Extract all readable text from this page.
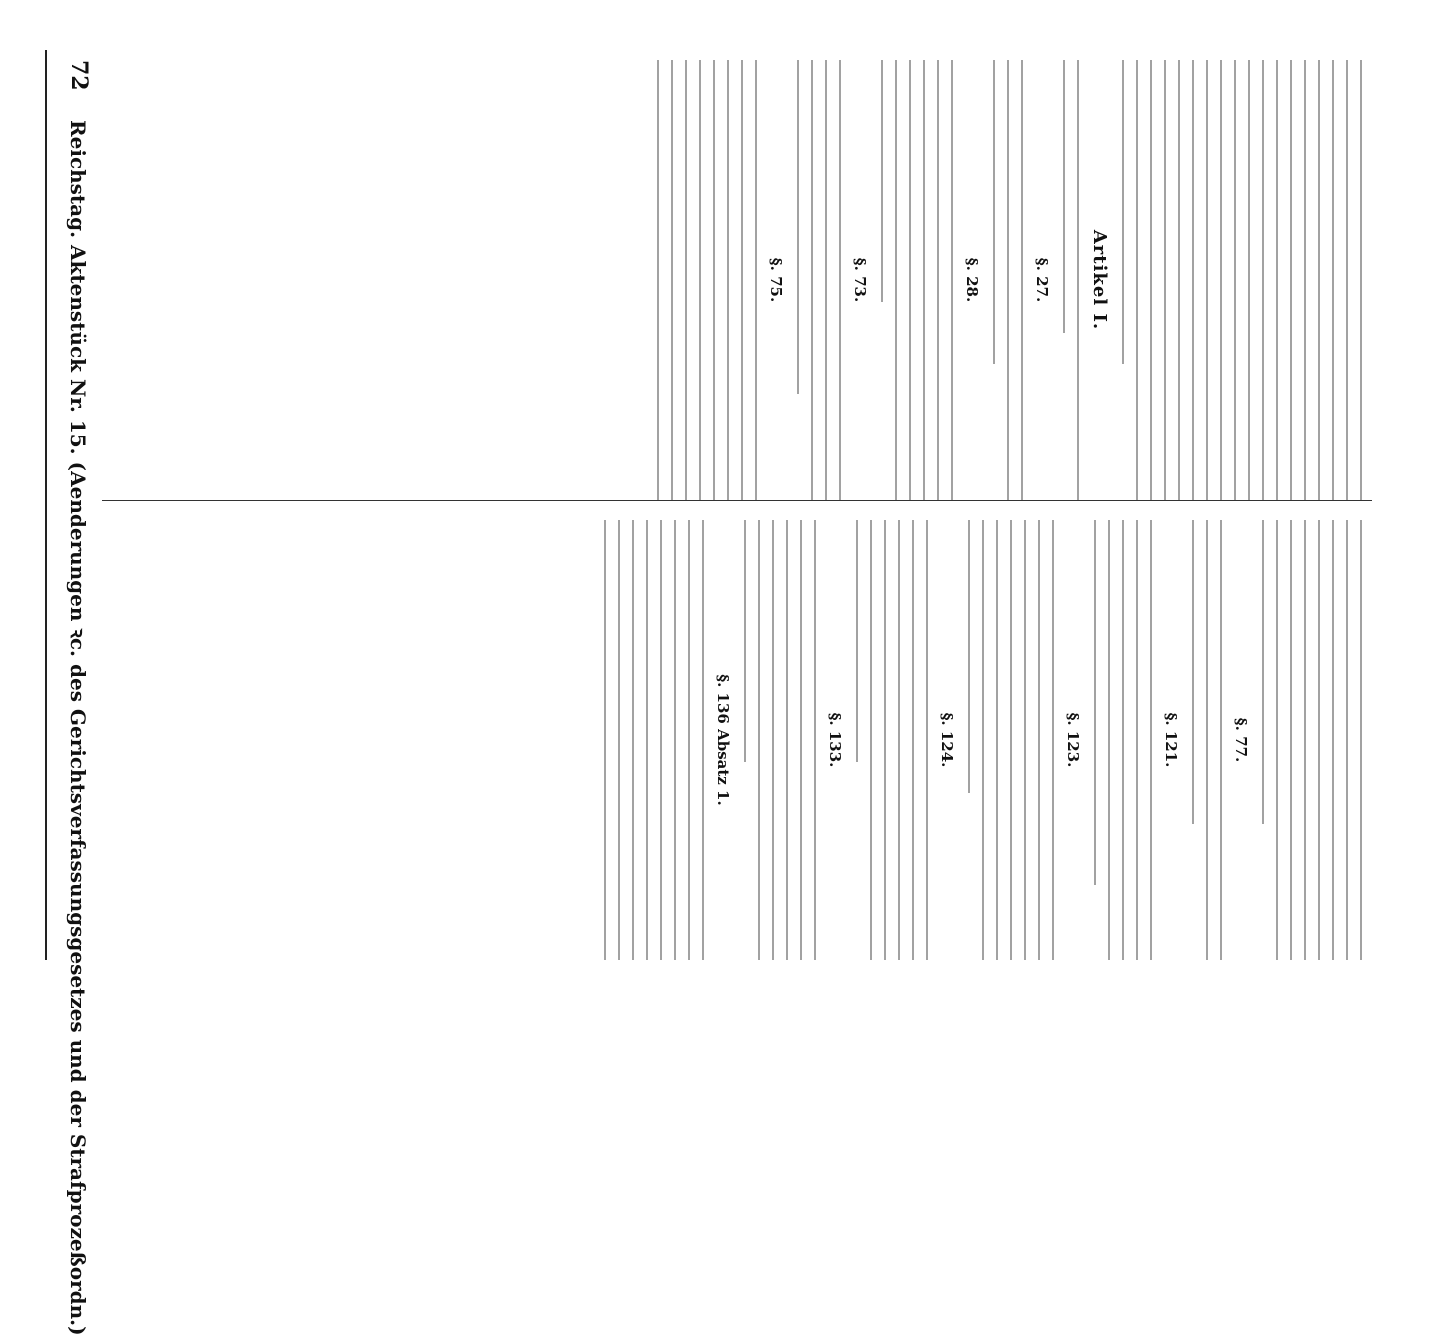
72
Reichstag. Aktenstück Nr. 15. (Aenderungen ꝛc. des Gerichtsverfassungsgesetzes und der Strafprozeßordn.)	Artikel I.
§. 27.
§. 28.
§. 73.
§. 75.
§. 77.
§. 121.
§. 123.
§. 124.
§. 133.
§. 136 Absatz 1.
